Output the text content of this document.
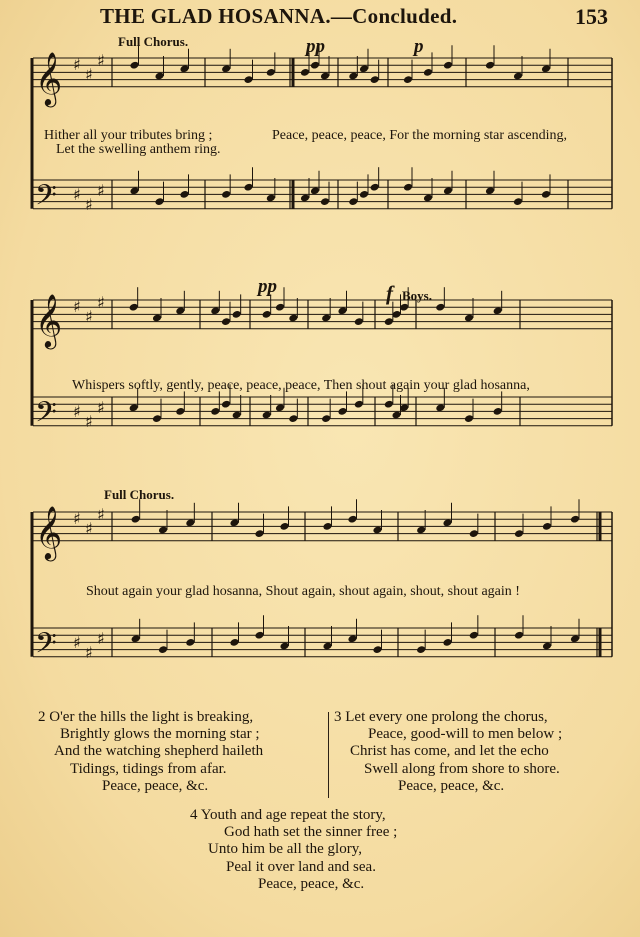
THE GLAD HOSANNA.—Concluded.	153
𝄞 ♯
♯
♯
𝄢 ♯
♯
♯
𝄞 ♯
♯
♯
𝄢 ♯
♯
♯
𝄞 ♯
♯
♯
𝄢 ♯
♯
♯
Full Chorus.	pp	p
Hither all your tributes bring ;
Let the swelling anthem ring.
Peace, peace, peace, For the morning star ascending,
pp	f Boys.
Whispers softly, gently, peace, peace, peace, Then shout again your glad hosanna,
Full Chorus.
Shout again your glad hosanna, Shout again, shout again, shout, shout again !
2 O'er the hills the light is breaking,
Brightly glows the morning star ;
And the watching shepherd haileth
Tidings, tidings from afar.
Peace, peace, &c.
3 Let every one prolong the chorus,
Peace, good-will to men below ;
Christ has come, and let the echo
Swell along from shore to shore.
Peace, peace, &c.
4 Youth and age repeat the story,
God hath set the sinner free ;
Unto him be all the glory,
Peal it over land and sea.
Peace, peace, &c.
